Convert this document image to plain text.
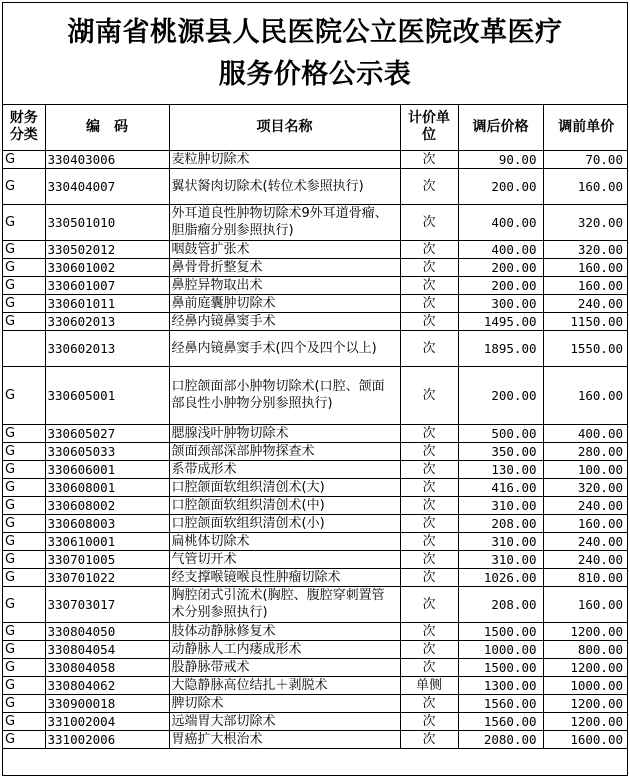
湖南省桃源县人民医院公立医院改革医疗
服务价格公示表
财务分类	编　码	项目名称	计价单位	调后价格	调前单价
G	330403006	麦粒肿切除术	次	90.00	70.00
G	330404007	翼状胬肉切除术(转位术参照执行)	次	200.00	160.00
G	330501010	外耳道良性肿物切除术9外耳道骨瘤、胆脂瘤分别参照执行)	次	400.00	320.00
G	330502012	咽鼓管扩张术	次	400.00	320.00
G	330601002	鼻骨骨折整复术	次	200.00	160.00
G	330601007	鼻腔异物取出术	次	200.00	160.00
G	330601011	鼻前庭囊肿切除术	次	300.00	240.00
G	330602013	经鼻内镜鼻窦手术	次	1495.00	1150.00
	330602013	经鼻内镜鼻窦手术(四个及四个以上)	次	1895.00	1550.00
G	330605001	口腔颌面部小肿物切除术(口腔、颌面部良性小肿物分别参照执行)	次	200.00	160.00
G	330605027	腮腺浅叶肿物切除术	次	500.00	400.00
G	330605033	颌面颈部深部肿物探查术	次	350.00	280.00
G	330606001	系带成形术	次	130.00	100.00
G	330608001	口腔颌面软组织清创术(大)	次	416.00	320.00
G	330608002	口腔颌面软组织清创术(中)	次	310.00	240.00
G	330608003	口腔颌面软组织清创术(小)	次	208.00	160.00
G	330610001	扁桃体切除术	次	310.00	240.00
G	330701005	气管切开术	次	310.00	240.00
G	330701022	经支撑喉镜喉良性肿瘤切除术	次	1026.00	810.00
G	330703017	胸腔闭式引流术(胸腔、腹腔穿刺置管术分别参照执行)	次	208.00	160.00
G	330804050	肢体动静脉修复术	次	1500.00	1200.00
G	330804054	动静脉人工内瘘成形术	次	1000.00	800.00
G	330804058	股静脉带戒术	次	1500.00	1200.00
G	330804062	大隐静脉高位结扎＋剥脱术	单侧	1300.00	1000.00
G	330900018	脾切除术	次	1560.00	1200.00
G	331002004	远端胃大部切除术	次	1560.00	1200.00
G	331002006	胃癌扩大根治术	次	2080.00	1600.00
